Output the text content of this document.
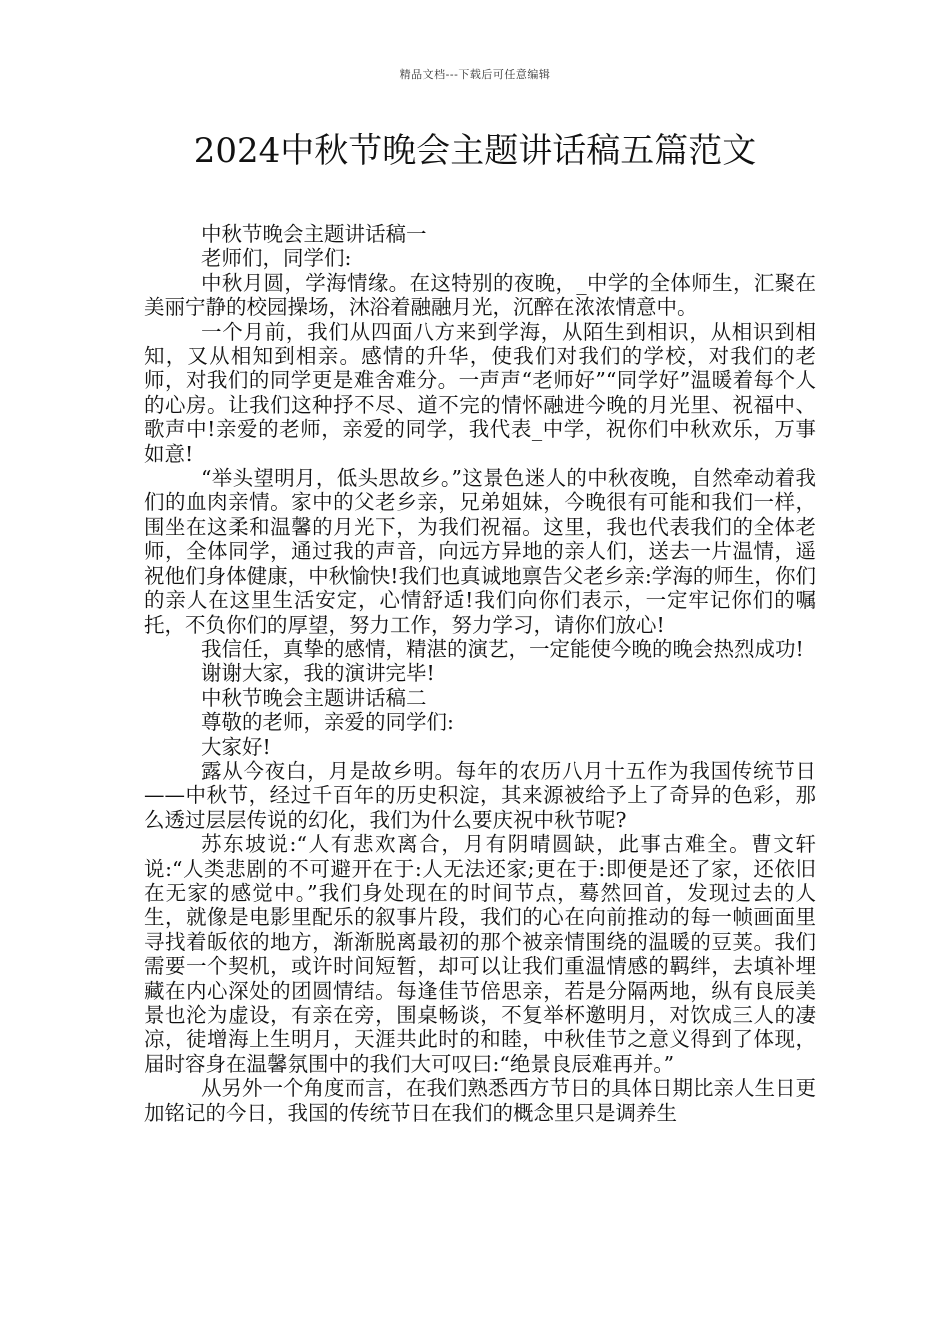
精品文档---下载后可任意编辑
2024中秋节晚会主题讲话稿五篇范文

中秋节晚会主题讲话稿一

老师们，同学们:

中秋月圆，学海情缘。在这特别的夜晚，_中学的全体师生，汇聚在美丽宁静的校园操场，沐浴着融融月光，沉醉在浓浓情意中。

一个月前，我们从四面八方来到学海，从陌生到相识，从相识到相知，又从相知到相亲。感情的升华，使我们对我们的学校，对我们的老师，对我们的同学更是难舍难分。一声声“老师好”“同学好”温暖着每个人的心房。让我们这种抒不尽、道不完的情怀融进今晚的月光里、祝福中、歌声中!亲爱的老师，亲爱的同学，我代表_中学，祝你们中秋欢乐，万事如意!

“举头望明月，低头思故乡。”这景色迷人的中秋夜晚，自然牵动着我们的血肉亲情。家中的父老乡亲，兄弟姐妹，今晚很有可能和我们一样，围坐在这柔和温馨的月光下，为我们祝福。这里，我也代表我们的全体老师，全体同学，通过我的声音，向远方异地的亲人们，送去一片温情，遥祝他们身体健康，中秋愉快!我们也真诚地禀告父老乡亲:学海的师生，你们的亲人在这里生活安定，心情舒适!我们向你们表示，一定牢记你们的嘱托，不负你们的厚望，努力工作，努力学习，请你们放心!

我信任，真挚的感情，精湛的演艺，一定能使今晚的晚会热烈成功!

谢谢大家，我的演讲完毕!

中秋节晚会主题讲话稿二

尊敬的老师，亲爱的同学们:

大家好!

露从今夜白，月是故乡明。每年的农历八月十五作为我国传统节日——中秋节，经过千百年的历史积淀，其来源被给予上了奇异的色彩，那么透过层层传说的幻化，我们为什么要庆祝中秋节呢?

苏东坡说:“人有悲欢离合，月有阴晴圆缺，此事古难全。曹文轩说:“人类悲剧的不可避开在于:人无法还家;更在于:即便是还了家，还依旧在无家的感觉中。”我们身处现在的时间节点，蓦然回首，发现过去的人生，就像是电影里配乐的叙事片段，我们的心在向前推动的每一帧画面里寻找着皈依的地方，渐渐脱离最初的那个被亲情围绕的温暖的豆荚。我们需要一个契机，或许时间短暂，却可以让我们重温情感的羁绊，去填补埋藏在内心深处的团圆情结。每逢佳节倍思亲，若是分隔两地，纵有良辰美景也沦为虚设，有亲在旁，围桌畅谈，不复举杯邀明月，对饮成三人的凄凉，徒增海上生明月，天涯共此时的和睦，中秋佳节之意义得到了体现，届时容身在温馨氛围中的我们大可叹曰:“绝景良辰难再并。”

从另外一个角度而言，在我们熟悉西方节日的具体日期比亲人生日更加铭记的今日，我国的传统节日在我们的概念里只是调养生
